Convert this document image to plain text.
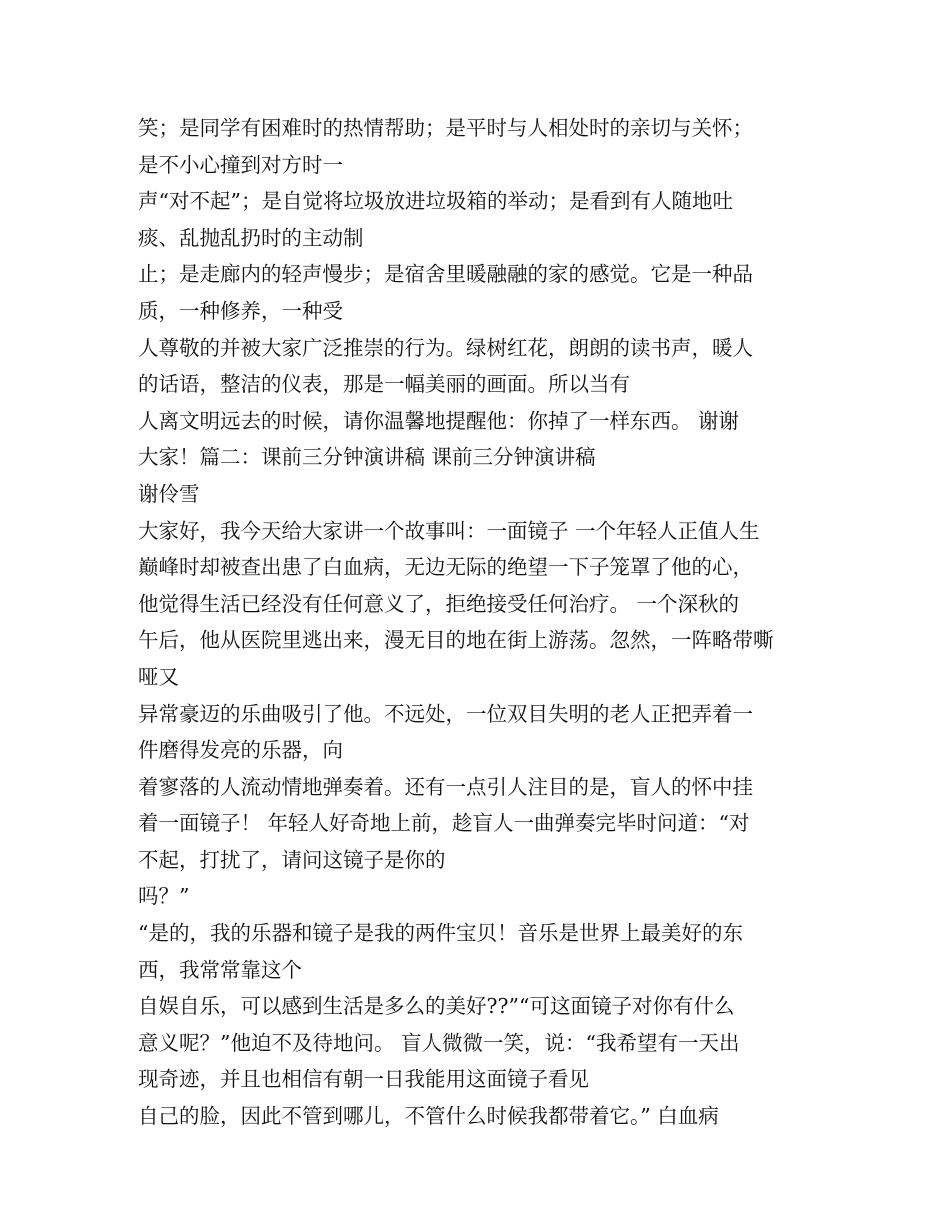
笑；是同学有困难时的热情帮助；是平时与人相处时的亲切与关怀；
是不小心撞到对方时一
声“对不起”；是自觉将垃圾放进垃圾箱的举动；是看到有人随地吐
痰、乱抛乱扔时的主动制
止；是走廊内的轻声慢步；是宿舍里暖融融的家的感觉。它是一种品
质，一种修养，一种受
人尊敬的并被大家广泛推崇的行为。绿树红花，朗朗的读书声，暖人
的话语，整洁的仪表，那是一幅美丽的画面。所以当有
人离文明远去的时候，请你温馨地提醒他：你掉了一样东西。 谢谢
大家！篇二：课前三分钟演讲稿 课前三分钟演讲稿
谢伶雪
大家好，我今天给大家讲一个故事叫：一面镜子 一个年轻人正值人生
巅峰时却被查出患了白血病，无边无际的绝望一下子笼罩了他的心，
他觉得生活已经没有任何意义了，拒绝接受任何治疗。 一个深秋的
午后，他从医院里逃出来，漫无目的地在街上游荡。忽然，一阵略带嘶
哑又
异常豪迈的乐曲吸引了他。不远处，一位双目失明的老人正把弄着一
件磨得发亮的乐器，向
着寥落的人流动情地弹奏着。还有一点引人注目的是，盲人的怀中挂
着一面镜子！ 年轻人好奇地上前，趁盲人一曲弹奏完毕时问道：“对
不起，打扰了，请问这镜子是你的
吗？”
“是的，我的乐器和镜子是我的两件宝贝！音乐是世界上最美好的东
西，我常常靠这个
自娱自乐，可以感到生活是多么的美好??”“可这面镜子对你有什么
意义呢？”他迫不及待地问。 盲人微微一笑，说：“我希望有一天出
现奇迹，并且也相信有朝一日我能用这面镜子看见
自己的脸，因此不管到哪儿，不管什么时候我都带着它。” 白血病
